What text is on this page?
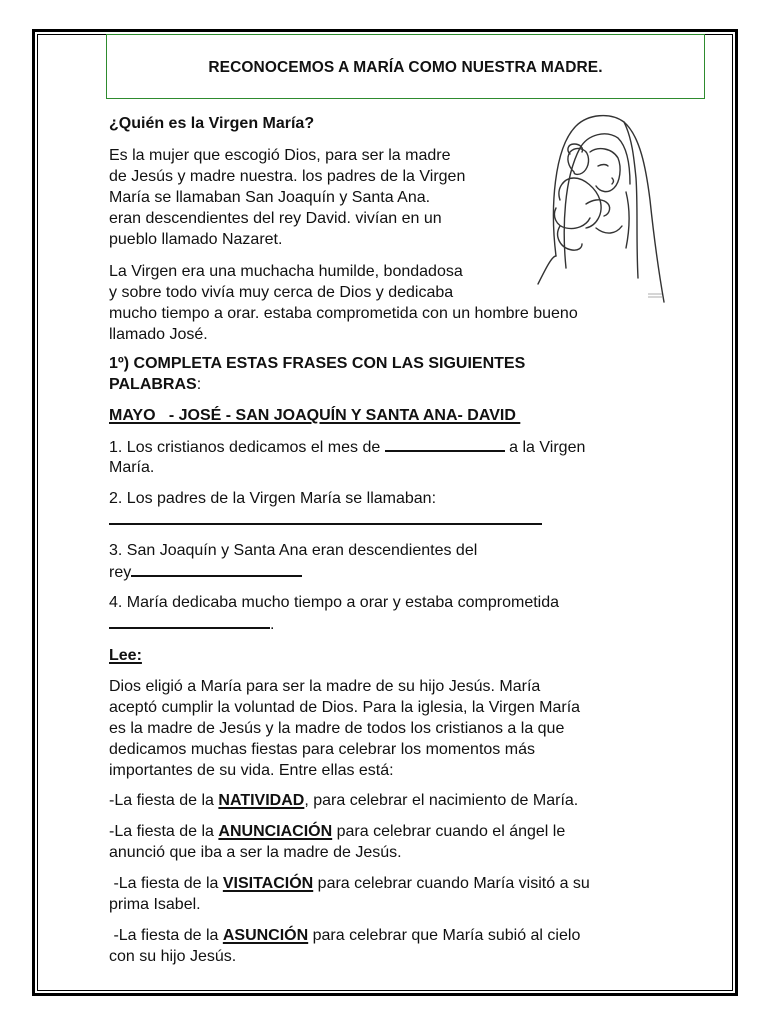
RECONOCEMOS A MARÍA COMO NUESTRA MADRE.
¿Quién es la Virgen María?
Es la mujer que escogió Dios, para ser la madre
de Jesús y madre nuestra. los padres de la Virgen
María se llamaban San Joaquín y Santa Ana.
eran descendientes del rey David. vivían en un
pueblo llamado Nazaret.
La Virgen era una muchacha humilde, bondadosa
y sobre todo vivía muy cerca de Dios y dedicaba
mucho tiempo a orar. estaba comprometida con un hombre bueno
llamado José.
1º) COMPLETA ESTAS FRASES CON LAS SIGUIENTES
PALABRAS:
MAYO   - JOSÉ - SAN JOAQUÍN Y SANTA ANA- DAVID
1. Los cristianos dedicamos el mes de	a la Virgen
María.
2. Los padres de la Virgen María se llamaban:
3. San Joaquín y Santa Ana eran descendientes del
rey
4. María dedicaba mucho tiempo a orar y estaba comprometida
.
Lee:
Dios eligió a María para ser la madre de su hijo Jesús. María
aceptó cumplir la voluntad de Dios. Para la iglesia, la Virgen María
es la madre de Jesús y la madre de todos los cristianos a la que
dedicamos muchas fiestas para celebrar los momentos más
importantes de su vida. Entre ellas está:
-La fiesta de la NATIVIDAD, para celebrar el nacimiento de María.
-La fiesta de la ANUNCIACIÓN para celebrar cuando el ángel le
anunció que iba a ser la madre de Jesús.
-La fiesta de la VISITACIÓN para celebrar cuando María visitó a su
prima Isabel.
-La fiesta de la ASUNCIÓN para celebrar que María subió al cielo
con su hijo Jesús.
